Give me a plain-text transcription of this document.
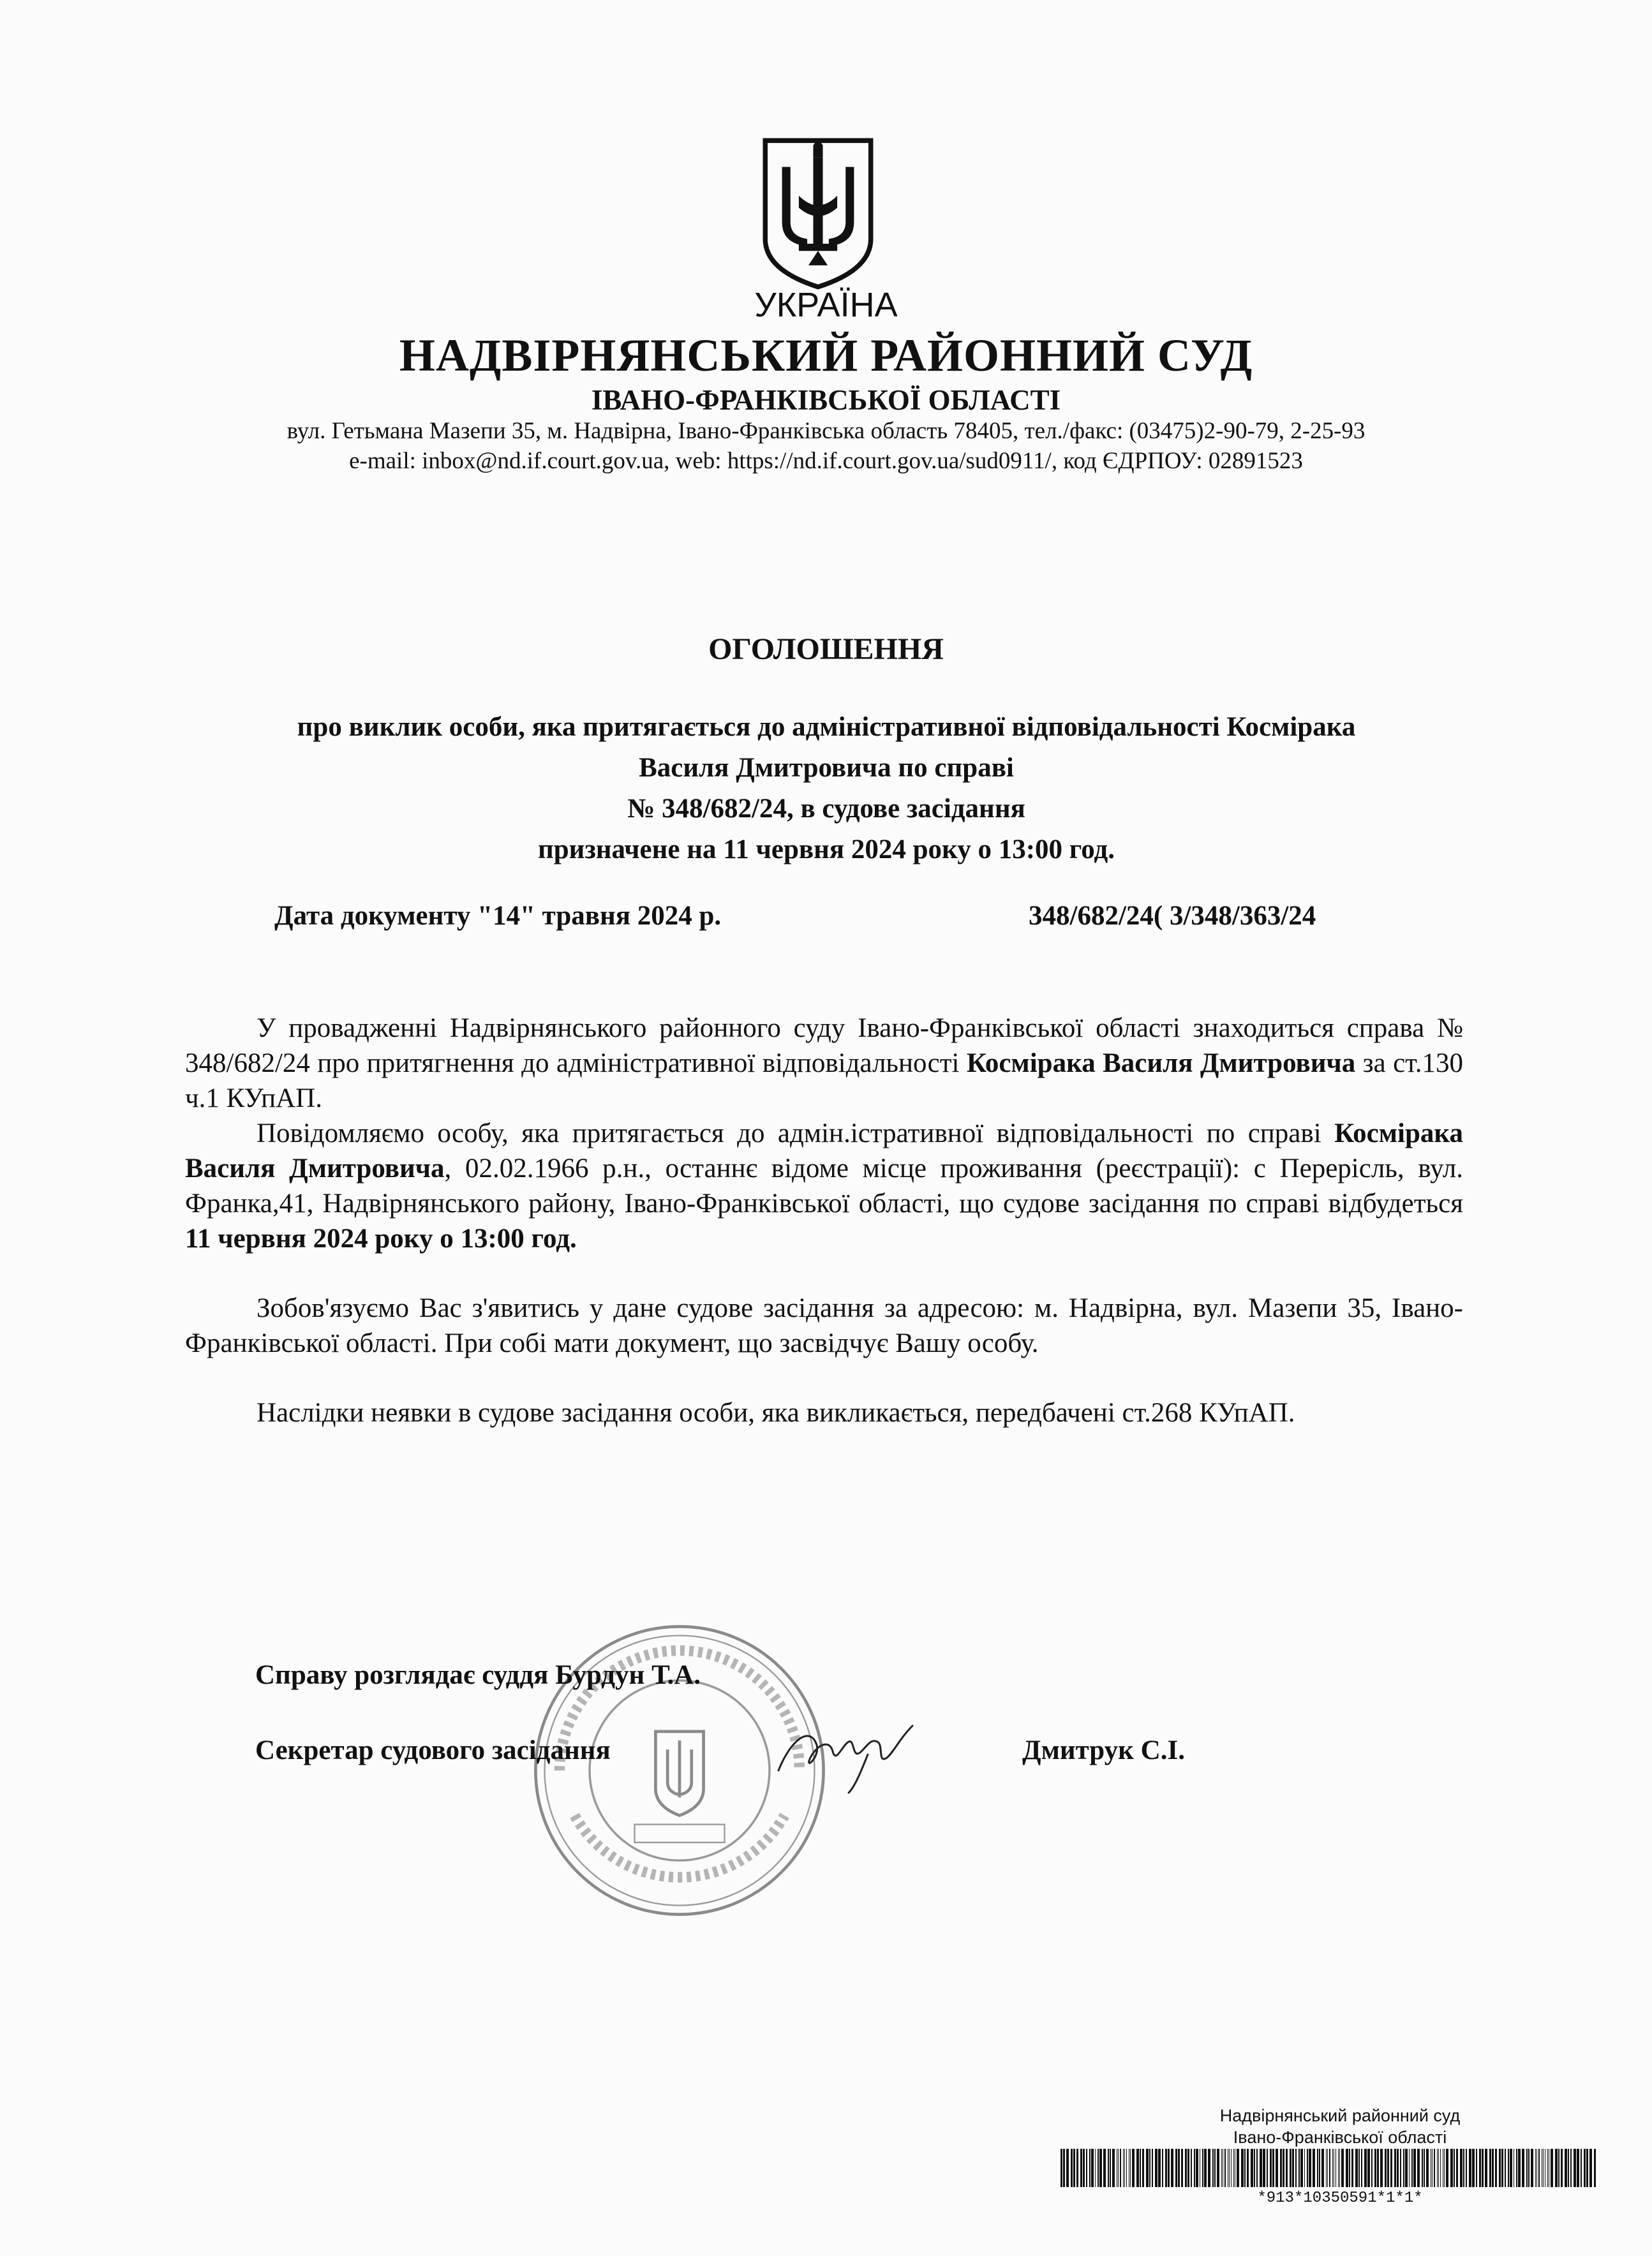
УКРАЇНА
НАДВІРНЯНСЬКИЙ РАЙОННИЙ СУД
ІВАНО-ФРАНКІВСЬКОЇ ОБЛАСТІ
вул. Гетьмана Мазепи 35, м. Надвірна, Івано-Франківська область 78405, тел./факс: (03475)2-90-79, 2-25-93
e-mail: inbox@nd.if.court.gov.ua, web: https://nd.if.court.gov.ua/sud0911/, код ЄДРПОУ: 02891523
ОГОЛОШЕННЯ
про виклик особи, яка притягається до адміністративної відповідальності Космірака
Василя Дмитровича по справі
№ 348/682/24, в судове засідання
призначене на 11 червня 2024 року о 13:00 год.
Дата документу "14" травня 2024 р.	348/682/24( 3/348/363/24

У провадженні Надвірнянського районного суду Івано-Франківської області знаходиться справа № 348/682/24 про притягнення до адміністративної відповідальності Космірака Василя Дмитровича за ст.130 ч.1 КУпАП.

Повідомляємо особу, яка притягається до адмін.іcтративної відповідальності по справі Космірака Василя Дмитровича, 02.02.1966 р.н., останнє відоме місце проживання (реєстрації): с Перерісль, вул. Франка,41, Надвірнянського району, Івано-Франківської області, що судове засідання по справі відбудеться 11 червня 2024 року о 13:00 год.

Зобов'язуємо Вас з'явитись у дане судове засідання за адресою: м. Надвірна, вул. Мазепи 35, Івано-Франківської області. При собі мати документ, що засвідчує Вашу особу.

Наслідки неявки в судове засідання особи, яка викликається, передбачені ст.268 КУпАП.

Справу розглядає суддя Бурдун Т.А.
Секретар судового засідання	Дмитрук С.І.
Надвірнянський районний суд
Івано-Франківської області
*913*10350591*1*1*
